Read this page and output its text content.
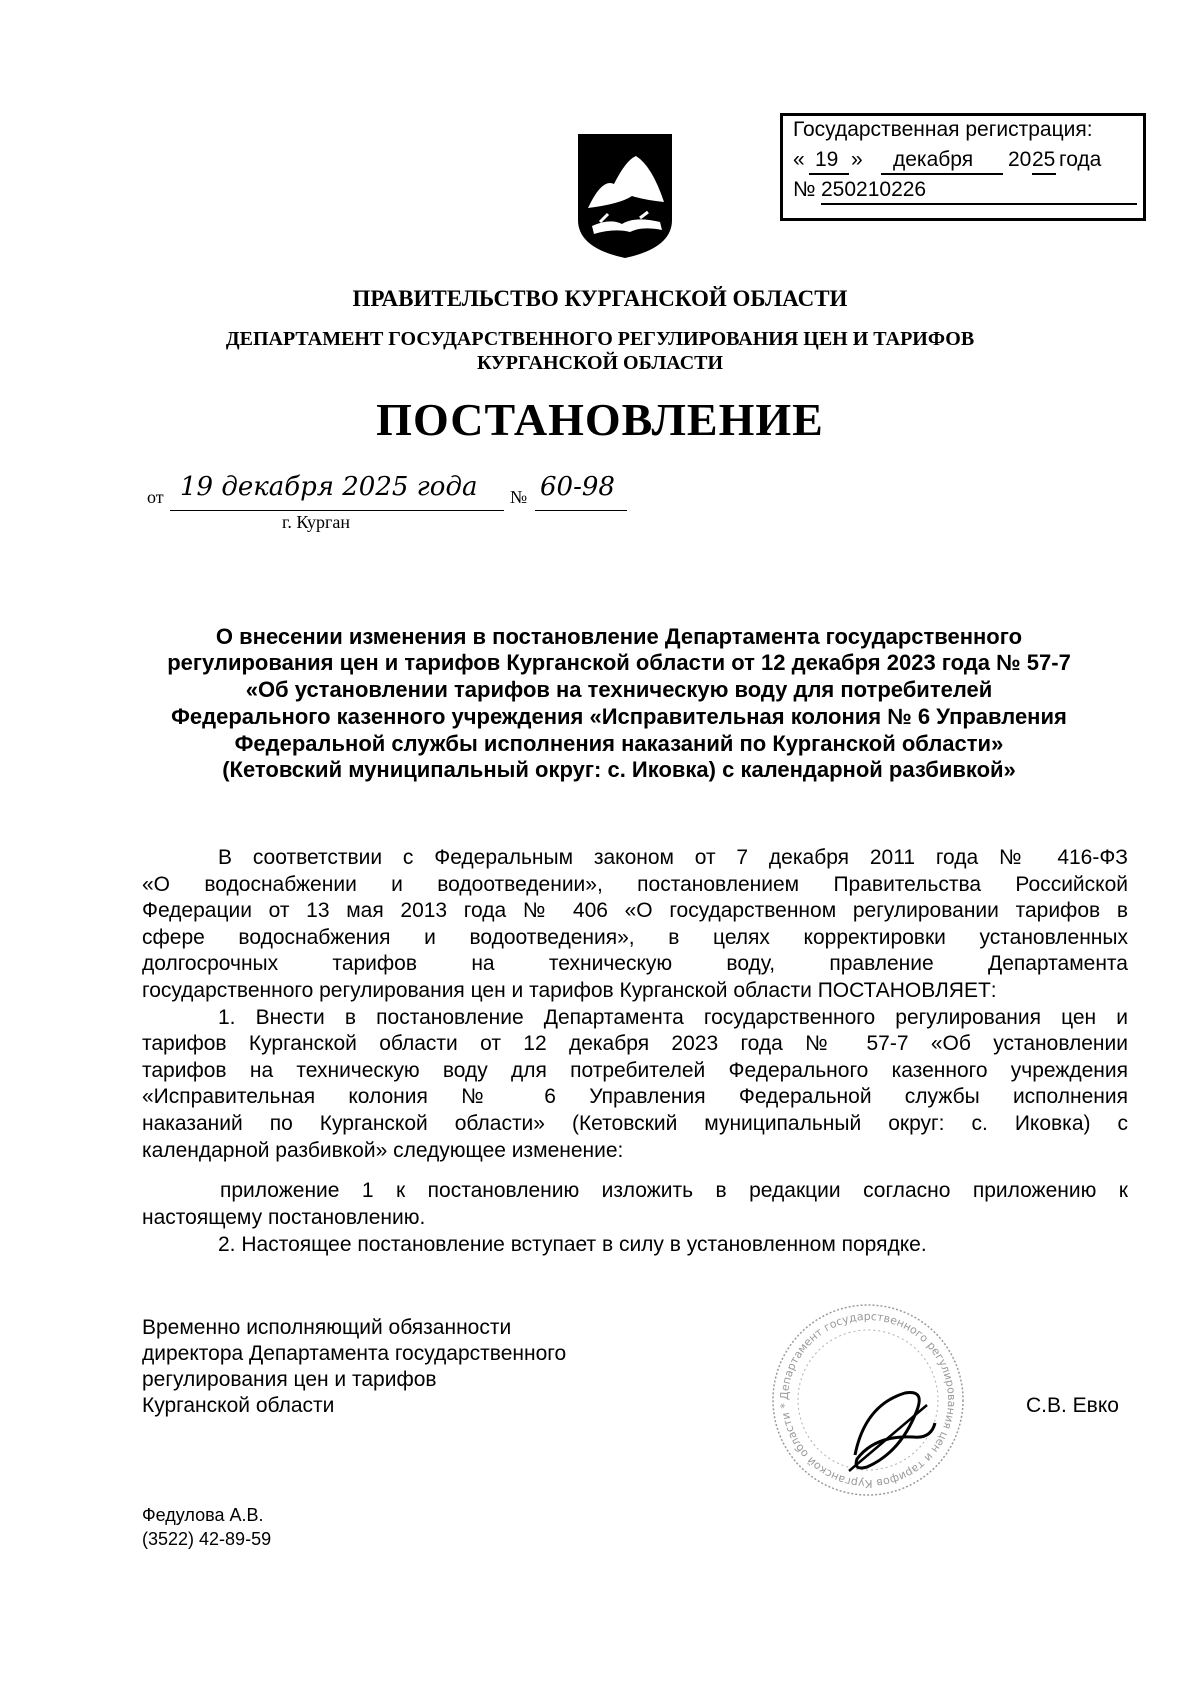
Государственная регистрация:
« 19 » декабря 20 25 года
№ 250210226
ПРАВИТЕЛЬСТВО КУРГАНСКОЙ ОБЛАСТИ
ДЕПАРТАМЕНТ ГОСУДАРСТВЕННОГО РЕГУЛИРОВАНИЯ ЦЕН И ТАРИФОВ
КУРГАНСКОЙ ОБЛАСТИ
ПОСТАНОВЛЕНИЕ
от 19 декабря 2025 года № 60-98
г. Курган
О внесении изменения в постановление Департамента государственного
регулирования цен и тарифов Курганской области от 12 декабря 2023 года № 57-7
«Об установлении тарифов на техническую воду для потребителей
Федерального казенного учреждения «Исправительная колония № 6 Управления
Федеральной службы исполнения наказаний по Курганской области»
(Кетовский муниципальный округ: с. Иковка) с календарной разбивкой»
В соответствии с Федеральным законом от 7 декабря 2011 года № 416-ФЗ
«О водоснабжении и водоотведении», постановлением Правительства Российской
Федерации от 13 мая 2013 года № 406 «О государственном регулировании тарифов в
сфере водоснабжения и водоотведения», в целях корректировки установленных
долгосрочных тарифов на техническую воду, правление Департамента
государственного регулирования цен и тарифов Курганской области ПОСТАНОВЛЯЕТ:
1. Внести в постановление Департамента государственного регулирования цен и
тарифов Курганской области от 12 декабря 2023 года № 57-7 «Об установлении
тарифов на техническую воду для потребителей Федерального казенного учреждения
«Исправительная колония № 6 Управления Федеральной службы исполнения
наказаний по Курганской области» (Кетовский муниципальный округ: с. Иковка) с
календарной разбивкой» следующее изменение:
приложение 1 к постановлению изложить в редакции согласно приложению к
настоящему постановлению.
2. Настоящее постановление вступает в силу в установленном порядке.
Временно исполняющий обязанности
директора Департамента государственного
регулирования цен и тарифов
Курганской области	Департамент государственного регулирования цен и тарифов Курганской области *	С.В. Евко
Федулова А.В.
(3522) 42-89-59
